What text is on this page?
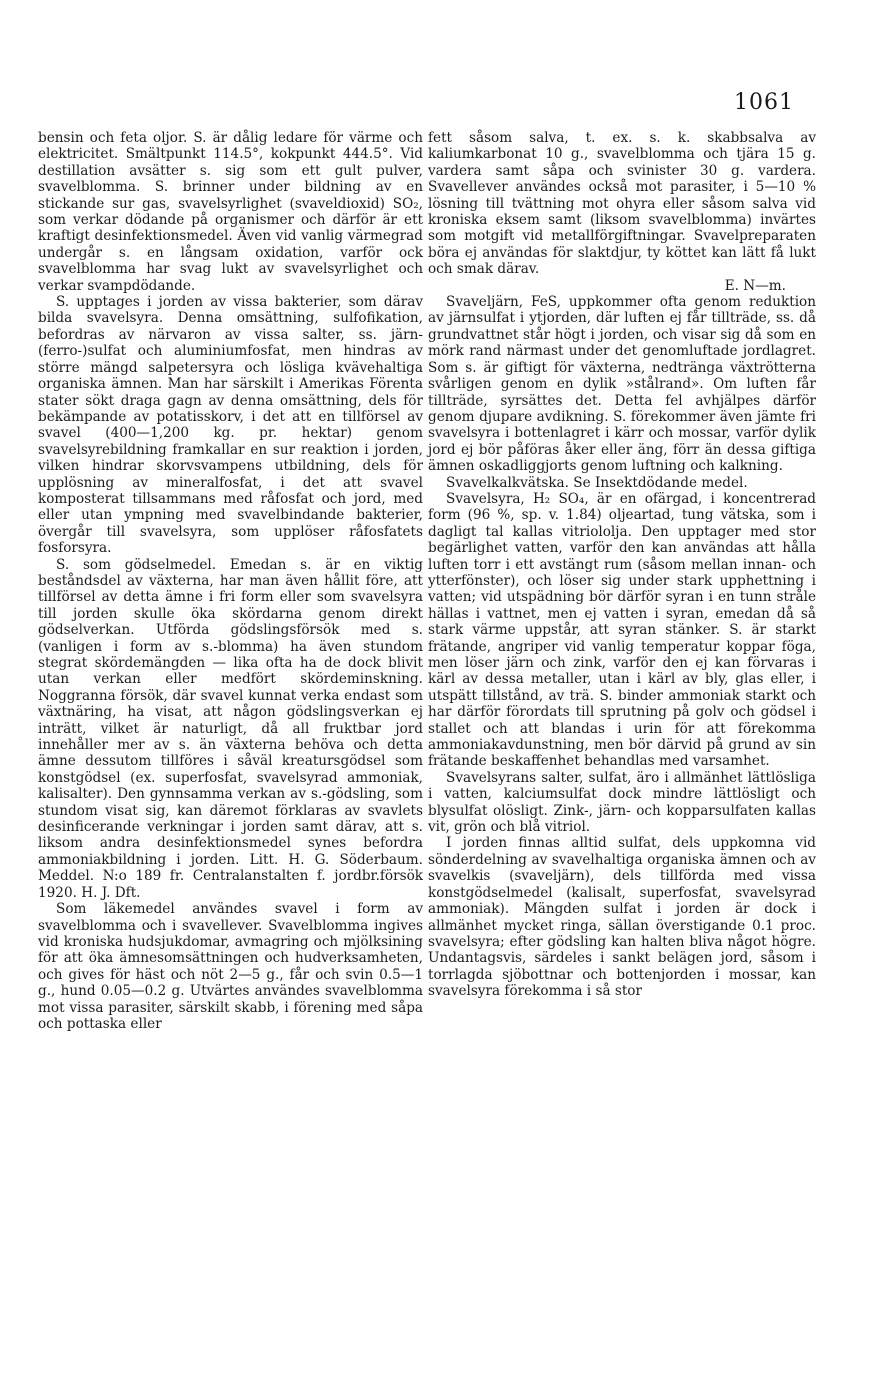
1061

bensin och feta oljor. S. är dålig ledare för värme och elektricitet. Smältpunkt 114.5°, kokpunkt 444.5°. Vid destillation avsätter s. sig som ett gult pulver, svavelblomma. S. brinner under bildning av en stickande sur gas, svavelsyrlighet (svaveldioxid) SO₂, som verkar dödande på organismer och därför är ett kraftigt desinfektionsmedel. Även vid vanlig värmegrad undergår s. en långsam oxidation, varför ock svavelblomma har svag lukt av svavelsyrlighet och verkar svampdödande.

S. upptages i jorden av vissa bakterier, som därav bilda svavelsyra. Denna omsättning, sulfofikation, befordras av närvaron av vissa salter, ss. järn-(ferro-)sulfat och aluminiumfosfat, men hindras av större mängd salpetersyra och lösliga kvävehaltiga organiska ämnen. Man har särskilt i Amerikas Förenta stater sökt draga gagn av denna omsättning, dels för bekämpande av potatisskorv, i det att en tillförsel av svavel (400—1,200 kg. pr. hektar) genom svavelsyrebildning framkallar en sur reaktion i jorden, vilken hindrar skorvsvampens utbildning, dels för upplösning av mineralfosfat, i det att svavel komposterat tillsammans med råfosfat och jord, med eller utan ympning med svavelbindande bakterier, övergår till svavelsyra, som upplöser råfosfatets fosforsyra.

S. som gödselmedel. Emedan s. är en viktig beståndsdel av växterna, har man även hållit före, att tillförsel av detta ämne i fri form eller som svavelsyra till jorden skulle öka skördarna genom direkt gödselverkan. Utförda gödslingsförsök med s. (vanligen i form av s.-blomma) ha även stundom stegrat skördemängden — lika ofta ha de dock blivit utan verkan eller medfört skördeminskning. Noggranna försök, där svavel kunnat verka endast som växtnäring, ha visat, att någon gödslingsverkan ej inträtt, vilket är naturligt, då all fruktbar jord innehåller mer av s. än växterna behöva och detta ämne dessutom tillföres i såväl kreatursgödsel som konstgödsel (ex. superfosfat, svavelsyrad ammoniak, kalisalter). Den gynnsamma verkan av s.-gödsling, som stundom visat sig, kan däremot förklaras av svavlets desinficerande verkningar i jorden samt därav, att s. liksom andra desinfektionsmedel synes befordra ammoniakbildning i jorden. Litt. H. G. Söderbaum. Meddel. N:o 189 fr. Centralanstalten f. jordbr.försök 1920. H. J. Dft.

Som läkemedel användes svavel i form av svavelblomma och i svavellever. Svavelblomma ingives vid kroniska hudsjukdomar, avmagring och mjölksining för att öka ämnesomsättningen och hudverksamheten, och gives för häst och nöt 2—5 g., får och svin 0.5—1 g., hund 0.05—0.2 g. Utvärtes användes svavelblomma mot vissa parasiter, särskilt skabb, i förening med såpa och pottaska eller

fett såsom salva, t. ex. s. k. skabbsalva av kaliumkarbonat 10 g., svavelblomma och tjära 15 g. vardera samt såpa och svinister 30 g. vardera. Svavellever användes också mot parasiter, i 5—10 % lösning till tvättning mot ohyra eller såsom salva vid kroniska eksem samt (liksom svavelblomma) invärtes som motgift vid metallförgiftningar. Svavelpreparaten böra ej användas för slaktdjur, ty köttet kan lätt få lukt och smak därav.

E. N—m.

Svaveljärn, FeS, uppkommer ofta genom reduktion av järnsulfat i ytjorden, där luften ej får tillträde, ss. då grundvattnet står högt i jorden, och visar sig då som en mörk rand närmast under det genomluftade jordlagret. Som s. är giftigt för växterna, nedtränga växtrötterna svårligen genom en dylik »stålrand». Om luften får tillträde, syrsättes det. Detta fel avhjälpes därför genom djupare avdikning. S. förekommer även jämte fri svavelsyra i bottenlagret i kärr och mossar, varför dylik jord ej bör påföras åker eller äng, förr än dessa giftiga ämnen oskadliggjorts genom luftning och kalkning.

Svavelkalkvätska. Se Insektdödande medel.

Svavelsyra, H₂ SO₄, är en ofärgad, i koncentrerad form (96 %, sp. v. 1.84) oljeartad, tung vätska, som i dagligt tal kallas vitriololja. Den upptager med stor begärlighet vatten, varför den kan användas att hålla luften torr i ett avstängt rum (såsom mellan innan- och ytterfönster), och löser sig under stark upphettning i vatten; vid utspädning bör därför syran i en tunn stråle hällas i vattnet, men ej vatten i syran, emedan då så stark värme uppstår, att syran stänker. S. är starkt frätande, angriper vid vanlig temperatur koppar föga, men löser järn och zink, varför den ej kan förvaras i kärl av dessa metaller, utan i kärl av bly, glas eller, i utspätt tillstånd, av trä. S. binder ammoniak starkt och har därför förordats till sprutning på golv och gödsel i stallet och att blandas i urin för att förekomma ammoniakavdunstning, men bör därvid på grund av sin frätande beskaffenhet behandlas med varsamhet.

Svavelsyrans salter, sulfat, äro i allmänhet lättlösliga i vatten, kalciumsulfat dock mindre lättlösligt och blysulfat olösligt. Zink-, järn- och kopparsulfaten kallas vit, grön och blå vitriol.

I jorden finnas alltid sulfat, dels uppkomna vid sönderdelning av svavelhaltiga organiska ämnen och av svavelkis (svaveljärn), dels tillförda med vissa konstgödselmedel (kalisalt, superfosfat, svavelsyrad ammoniak). Mängden sulfat i jorden är dock i allmänhet mycket ringa, sällan överstigande 0.1 proc. svavelsyra; efter gödsling kan halten bliva något högre. Undantagsvis, särdeles i sankt belägen jord, såsom i torrlagda sjöbottnar och bottenjorden i mossar, kan svavelsyra förekomma i så stor
